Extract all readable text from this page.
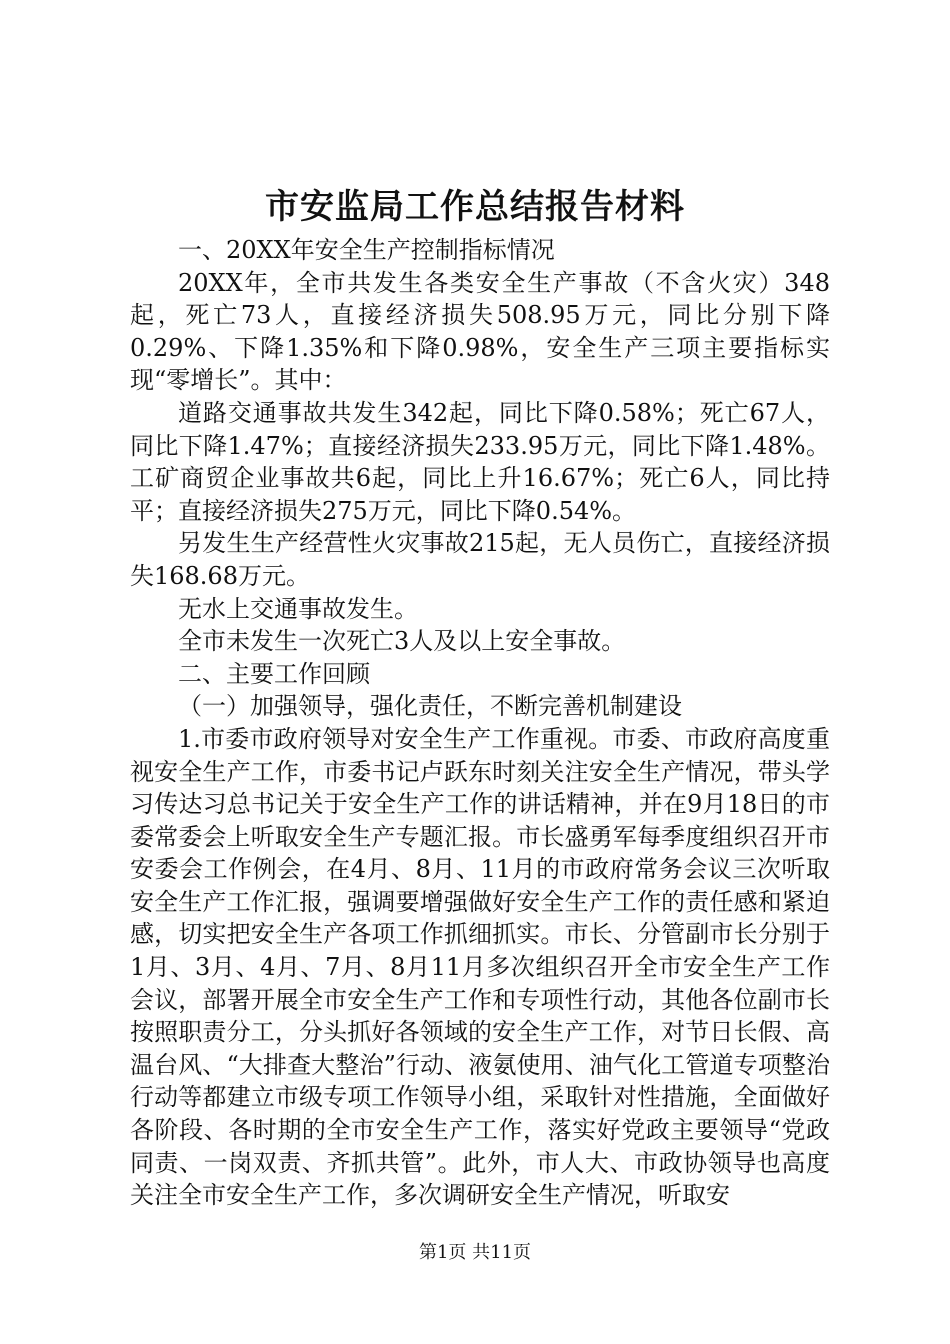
市安监局工作总结报告材料

一、20XX年安全生产控制指标情况

20XX年，全市共发生各类安全生产事故（不含火灾）348起，死亡73人，直接经济损失508.95万元，同比分别下降0.29%、下降1.35%和下降0.98%，安全生产三项主要指标实现“零增长”。其中：

道路交通事故共发生342起，同比下降0.58%；死亡67人，同比下降1.47%；直接经济损失233.95万元，同比下降1.48%。工矿商贸企业事故共6起，同比上升16.67%；死亡6人，同比持平；直接经济损失275万元，同比下降0.54%。

另发生生产经营性火灾事故215起，无人员伤亡，直接经济损失168.68万元。

无水上交通事故发生。

全市未发生一次死亡3人及以上安全事故。

二、主要工作回顾

（一）加强领导，强化责任，不断完善机制建设

1.市委市政府领导对安全生产工作重视。市委、市政府高度重视安全生产工作，市委书记卢跃东时刻关注安全生产情况，带头学习传达习总书记关于安全生产工作的讲话精神，并在9月18日的市委常委会上听取安全生产专题汇报。市长盛勇军每季度组织召开市安委会工作例会，在4月、8月、11月的市政府常务会议三次听取安全生产工作汇报，强调要增强做好安全生产工作的责任感和紧迫感，切实把安全生产各项工作抓细抓实。市长、分管副市长分别于1月、3月、4月、7月、8月11月多次组织召开全市安全生产工作会议，部署开展全市安全生产工作和专项性行动，其他各位副市长按照职责分工，分头抓好各领域的安全生产工作，对节日长假、高温台风、“大排查大整治”行动、液氨使用、油气化工管道专项整治行动等都建立市级专项工作领导小组，采取针对性措施，全面做好各阶段、各时期的全市安全生产工作，落实好党政主要领导“党政同责、一岗双责、齐抓共管”。此外，市人大、市政协领导也高度关注全市安全生产工作，多次调研安全生产情况，听取安

第1页 共11页
